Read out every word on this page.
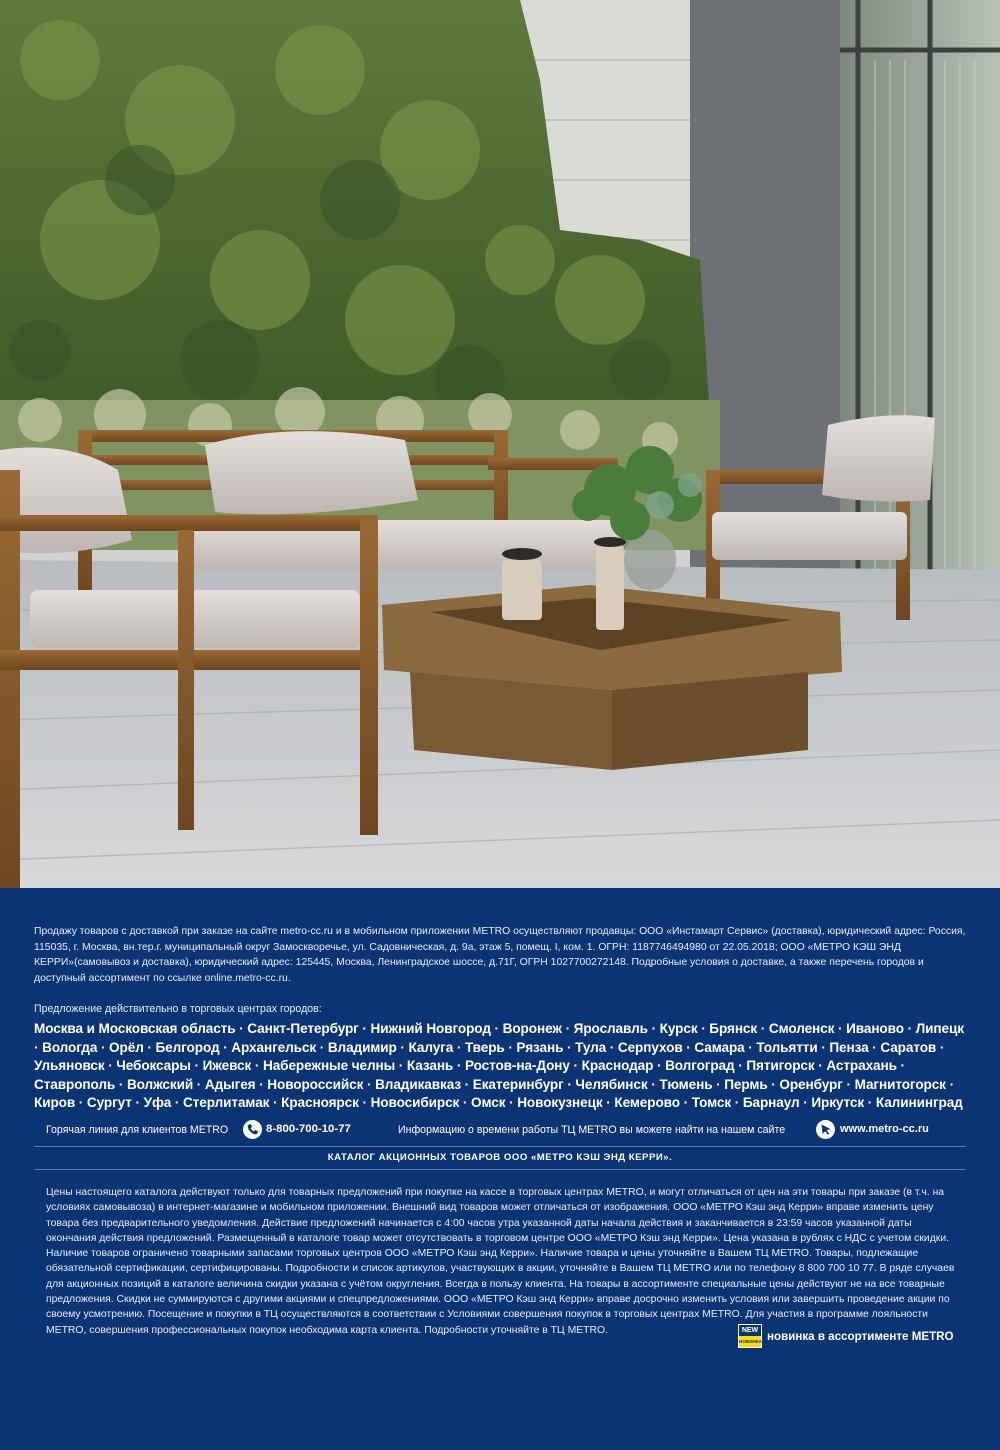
Продажу товаров с доставкой при заказе на сайте metro-cc.ru и в мобильном приложении METRO осуществляют продавцы: ООО «Инстамарт Сервис» (доставка), юридический адрес: Россия, 115035, г. Москва, вн.тер.г. муниципальный округ Замоскворечье, ул. Садовническая, д. 9а, этаж 5, помещ. I, ком. 1. ОГРН: 1187746494980 от 22.05.2018; ООО «МЕТРО КЭШ ЭНД КЕРРИ»(самовывоз и доставка), юридический адрес: 125445, Москва, Ленинградское шоссе, д.71Г, ОГРН 1027700272148. Подробные условия о доставке, а также перечень городов и доступный ассортимент по ссылке online.metro-cc.ru.

Предложение действительно в торговых центрах городов:

Москва и Московская область · Санкт-Петербург · Нижний Новгород · Воронеж · Ярославль · Курск · Брянск · Смоленск · Иваново · Липецк · Вологда · Орёл · Белгород · Архангельск · Владимир · Калуга · Тверь · Рязань · Тула · Серпухов · Самара · Тольятти · Пенза · Саратов · Ульяновск · Чебоксары · Ижевск · Набережные челны · Казань · Ростов-на-Дону · Краснодар · Волгоград · Пятигорск · Астрахань · Ставрополь · Волжский · Адыгея · Новороссийск · Владикавказ · Екатеринбург · Челябинск · Тюмень · Пермь · Оренбург · Магнитогорск · Киров · Сургут · Уфа · Стерлитамак · Красноярск · Новосибирск · Омск · Новокузнецк · Кемерово · Томск · Барнаул · Иркутск · Калининград

Горячая линия для клиентов METRO	8-800-700-10-77	Информацию о времени работы ТЦ METRO вы можете найти на нашем сайте	www.metro-cc.ru
КАТАЛОГ АКЦИОННЫХ ТОВАРОВ ООО «МЕТРО КЭШ ЭНД КЕРРИ».

Цены настоящего каталога действуют только для товарных предложений при покупке на кассе в торговых центрах METRO, и могут отличаться от цен на эти товары при заказе (в т.ч. на условиях самовывоза) в интернет-магазине и мобильном приложении. Внешний вид товаров может отличаться от изображения. ООО «МЕТРО Кэш энд Керри» вправе изменить цену товара без предварительного уведомления. Действие предложений начинается с 4:00 часов утра указанной даты начала действия и заканчивается в 23:59 часов указанной даты окончания действия предложений. Размещенный в каталоге товар может отсутствовать в торговом центре ООО «МЕТРО Кэш энд Керри». Цена указана в рублях с НДС с учетом скидки. Наличие товаров ограничено товарными запасами торговых центров ООО «МЕТРО Кэш энд Керри». Наличие товара и цены уточняйте в Вашем ТЦ METRO. Товары, подлежащие обязательной сертификации, сертифицированы. Подробности и список артикулов, участвующих в акции, уточняйте в Вашем ТЦ METRO или по телефону 8 800 700 10 77. В ряде случаев для акционных позиций в каталоге величина скидки указана с учётом округления. Всегда в пользу клиента. На товары в ассортименте специальные цены действуют не на все товарные предложения. Скидки не суммируются с другими акциями и спецпредложениями. ООО «МЕТРО Кэш энд Керри» вправе досрочно изменить условия или завершить проведение акции по своему усмотрению. Посещение и покупки в ТЦ осуществляются в соответствии с Условиями совершения покупок в торговых центрах METRO. Для участия в программе лояльности METRO, совершения профессиональных покупок необходима карта клиента. Подробности уточняйте в ТЦ METRO.	NEW
НОВИНКА новинка в ассортименте METRO
